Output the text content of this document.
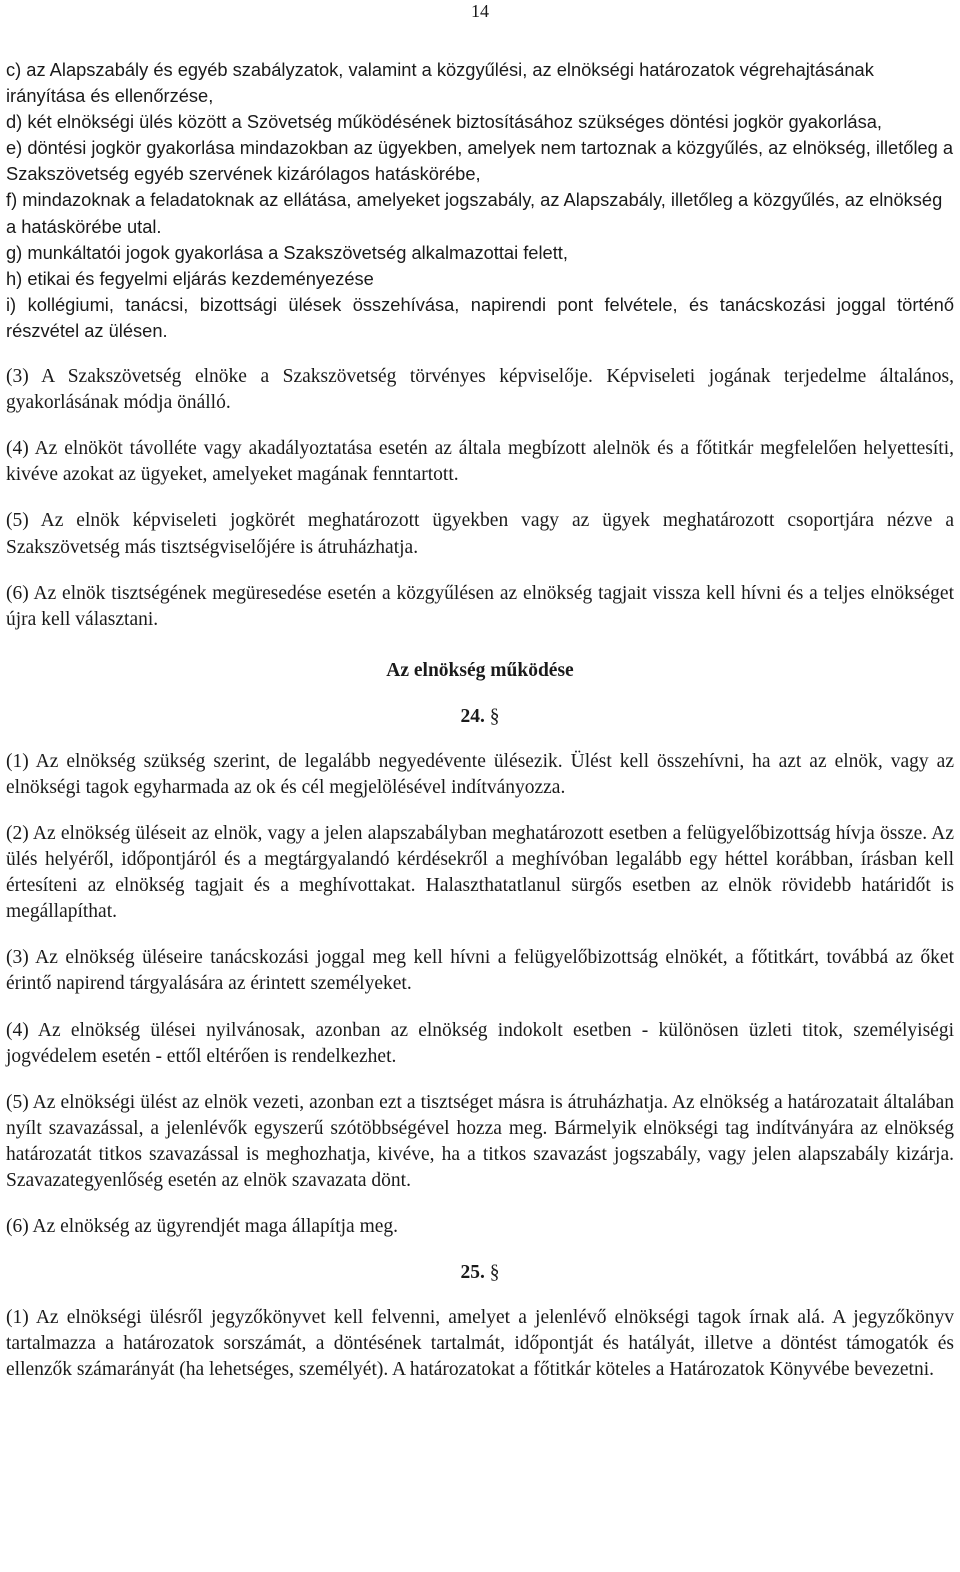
14

c) az Alapszabály és egyéb szabályzatok, valamint a közgyűlési, az elnökségi határozatok végrehajtásának irányítása és ellenőrzése,

d) két elnökségi ülés között a Szövetség működésének biztosításához szükséges döntési jogkör gyakorlása,

e) döntési jogkör gyakorlása mindazokban az ügyekben, amelyek nem tartoznak a közgyűlés, az elnökség, illetőleg a Szakszövetség egyéb szervének kizárólagos hatáskörébe,

f) mindazoknak a feladatoknak az ellátása, amelyeket jogszabály, az Alapszabály, illetőleg a közgyűlés, az elnökség a hatáskörébe utal.

g) munkáltatói jogok gyakorlása a Szakszövetség alkalmazottai felett,

h) etikai és fegyelmi eljárás kezdeményezése

i) kollégiumi, tanácsi, bizottsági ülések összehívása, napirendi pont felvétele, és tanácskozási joggal történő részvétel az ülésen.

(3) A Szakszövetség elnöke a Szakszövetség törvényes képviselője. Képviseleti jogának terjedelme általános, gyakorlásának módja önálló.

(4) Az elnököt távolléte vagy akadályoztatása esetén az általa megbízott alelnök és a főtitkár megfelelően helyettesíti, kivéve azokat az ügyeket, amelyeket magának fenntartott.

(5) Az elnök képviseleti jogkörét meghatározott ügyekben vagy az ügyek meghatározott csoportjára nézve a Szakszövetség más tisztségviselőjére is átruházhatja.

(6) Az elnök tisztségének megüresedése esetén a közgyűlésen az elnökség tagjait vissza kell hívni és a teljes elnökséget újra kell választani.

Az elnökség működése

24. §

(1) Az elnökség szükség szerint, de legalább negyedévente ülésezik. Ülést kell összehívni, ha azt az elnök, vagy az elnökségi tagok egyharmada az ok és cél megjelölésével indítványozza.

(2) Az elnökség üléseit az elnök, vagy a jelen alapszabályban meghatározott esetben a felügyelőbizottság hívja össze. Az ülés helyéről, időpontjáról és a megtárgyalandó kérdésekről a meghívóban legalább egy héttel korábban, írásban kell értesíteni az elnökség tagjait és a meghívottakat. Halaszthatatlanul sürgős esetben az elnök rövidebb határidőt is megállapíthat.

(3) Az elnökség üléseire tanácskozási joggal meg kell hívni a felügyelőbizottság elnökét, a főtitkárt, továbbá az őket érintő napirend tárgyalására az érintett személyeket.

(4) Az elnökség ülései nyilvánosak, azonban az elnökség indokolt esetben - különösen üzleti titok, személyiségi jogvédelem esetén - ettől eltérően is rendelkezhet.

(5) Az elnökségi ülést az elnök vezeti, azonban ezt a tisztséget másra is átruházhatja. Az elnökség a határozatait általában nyílt szavazással, a jelenlévők egyszerű szótöbbségével hozza meg. Bármelyik elnökségi tag indítványára az elnökség határozatát titkos szavazással is meghozhatja, kivéve, ha a titkos szavazást jogszabály, vagy jelen alapszabály kizárja. Szavazategyenlőség esetén az elnök szavazata dönt.

(6) Az elnökség az ügyrendjét maga állapítja meg.

25. §

(1) Az elnökségi ülésről jegyzőkönyvet kell felvenni, amelyet a jelenlévő elnökségi tagok írnak alá. A jegyzőkönyv tartalmazza a határozatok sorszámát, a döntésének tartalmát, időpontját és hatályát, illetve a döntést támogatók és ellenzők számarányát (ha lehetséges, személyét). A határozatokat a főtitkár köteles a Határozatok Könyvébe bevezetni.
